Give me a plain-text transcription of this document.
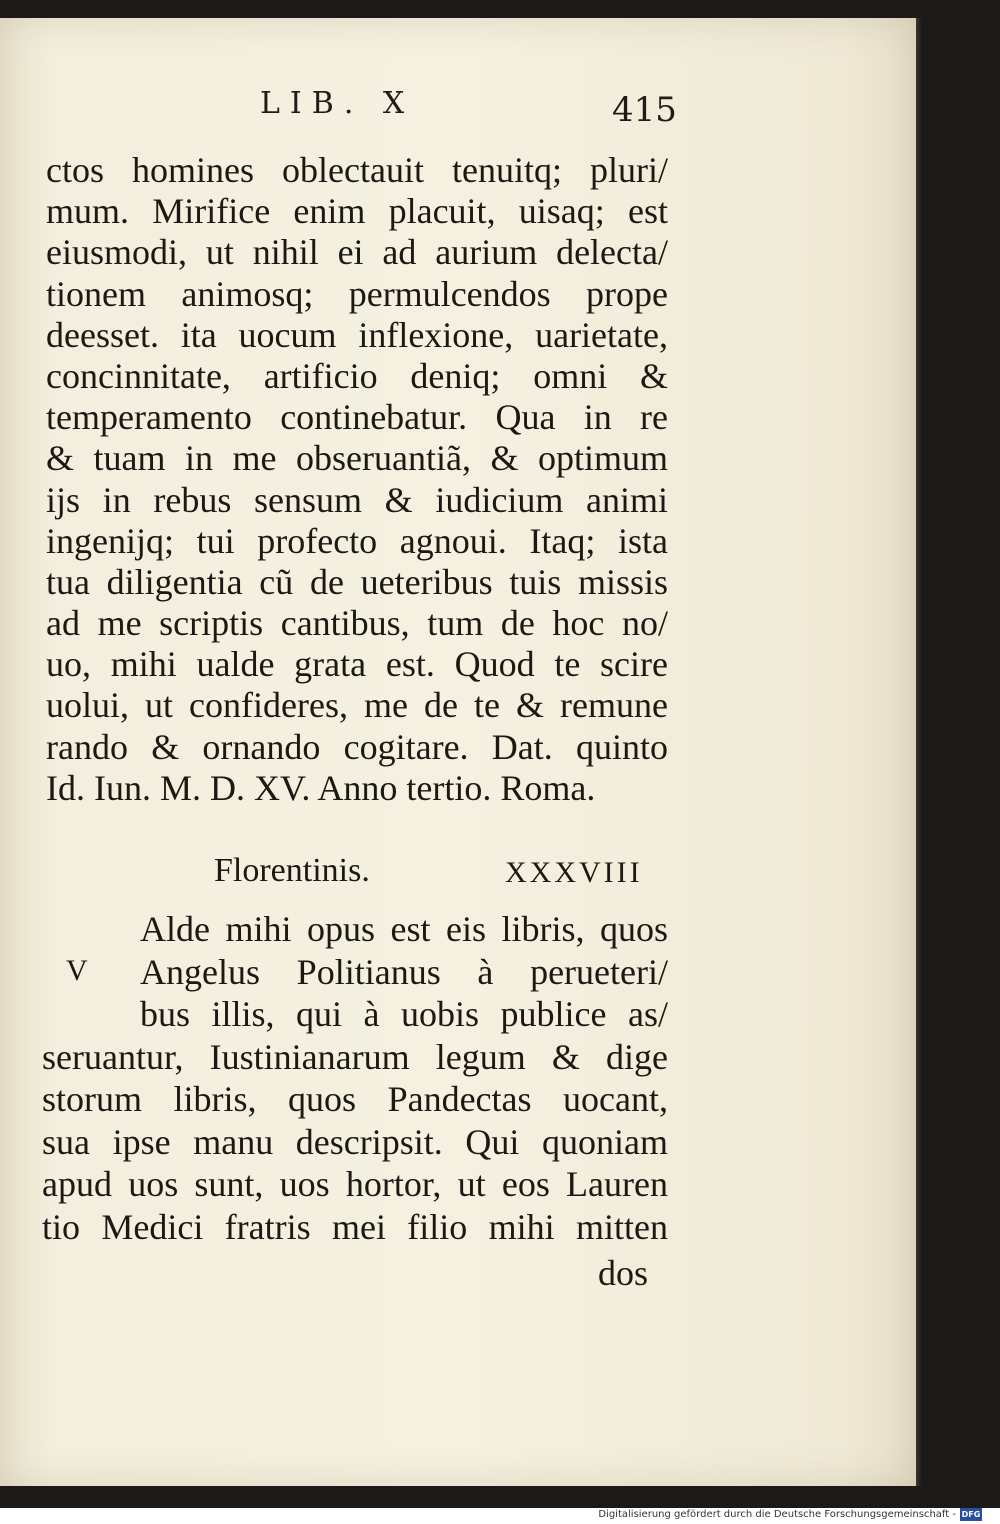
LIB. X	415
ctos homines oblectauit tenuitq; pluri/
mum. Mirifice enim placuit, uisaq; est
eiusmodi, ut nihil ei ad aurium delecta/
tionem animosq; permulcendos prope
deesset. ita uocum inflexione, uarietate,
concinnitate, artificio deniq; omni &
temperamento continebatur. Qua in re
& tuam in me obseruantiã, & optimum
ijs in rebus sensum & iudicium animi
ingenijq; tui profecto agnoui. Itaq; ista
tua diligentia cũ de ueteribus tuis missis
ad me scriptis cantibus, tum de hoc no/
uo, mihi ualde grata est. Quod te scire
uolui, ut confideres, me de te & remune
rando & ornando cogitare. Dat. quinto
Id. Iun. M. D. XV. Anno tertio. Roma.
Florentinis.	XXXVIII
V
Alde mihi opus est eis libris, quos
Angelus Politianus à perueteri/
bus illis, qui à uobis publice as/
seruantur, Iustinianarum legum & dige
storum libris, quos Pandectas uocant,
sua ipse manu descripsit. Qui quoniam
apud uos sunt, uos hortor, ut eos Lauren
tio Medici fratris mei filio mihi mitten
dos
Digitalisierung gefördert durch die Deutsche Forschungsgemeinschaft - DFG
